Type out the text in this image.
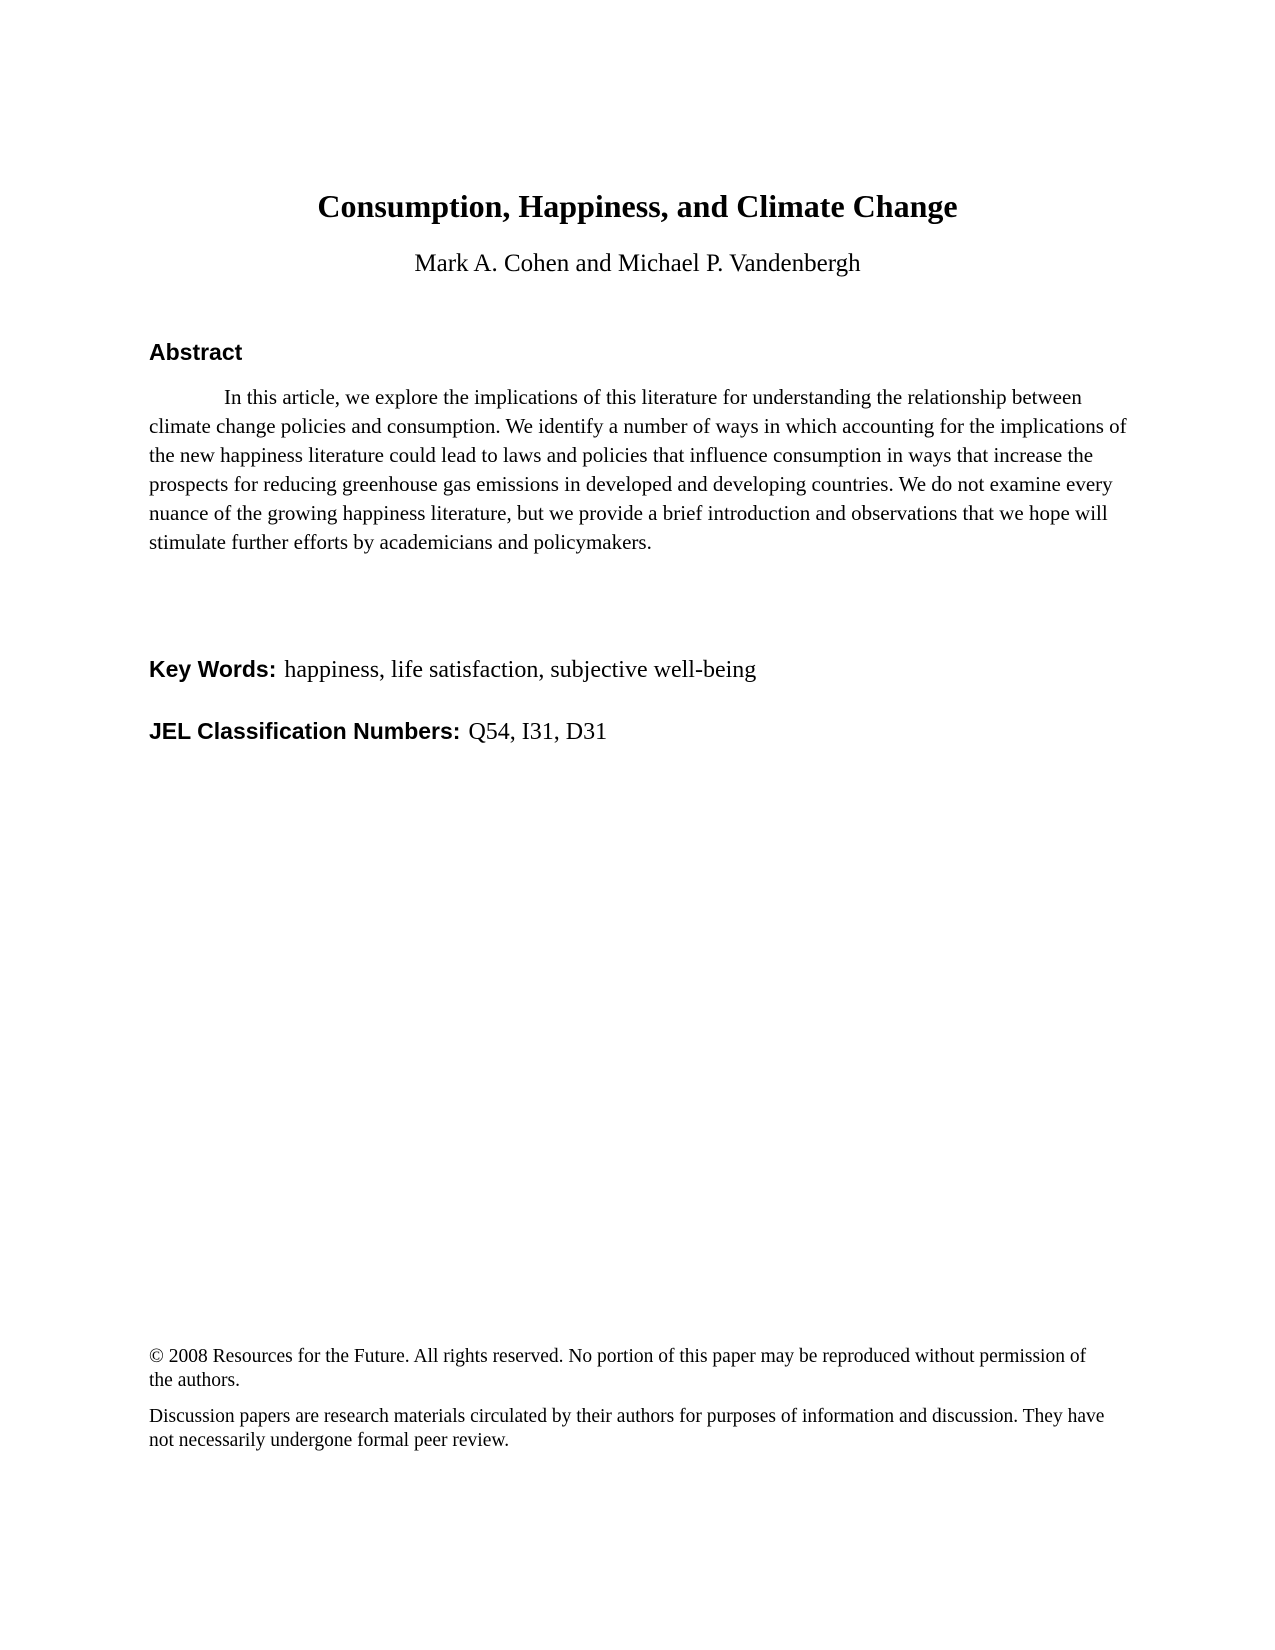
Consumption, Happiness, and Climate Change

Mark A. Cohen and Michael P. Vandenbergh

Abstract

In this article, we explore the implications of this literature for understanding the relationship between climate change policies and consumption. We identify a number of ways in which accounting for the implications of the new happiness literature could lead to laws and policies that influence consumption in ways that increase the prospects for reducing greenhouse gas emissions in developed and developing countries. We do not examine every nuance of the growing happiness literature, but we provide a brief introduction and observations that we hope will stimulate further efforts by academicians and policymakers.

Key Words: happiness, life satisfaction, subjective well-being

JEL Classification Numbers: Q54, I31, D31

© 2008 Resources for the Future. All rights reserved. No portion of this paper may be reproduced without permission of the authors.

Discussion papers are research materials circulated by their authors for purposes of information and discussion. They have not necessarily undergone formal peer review.
